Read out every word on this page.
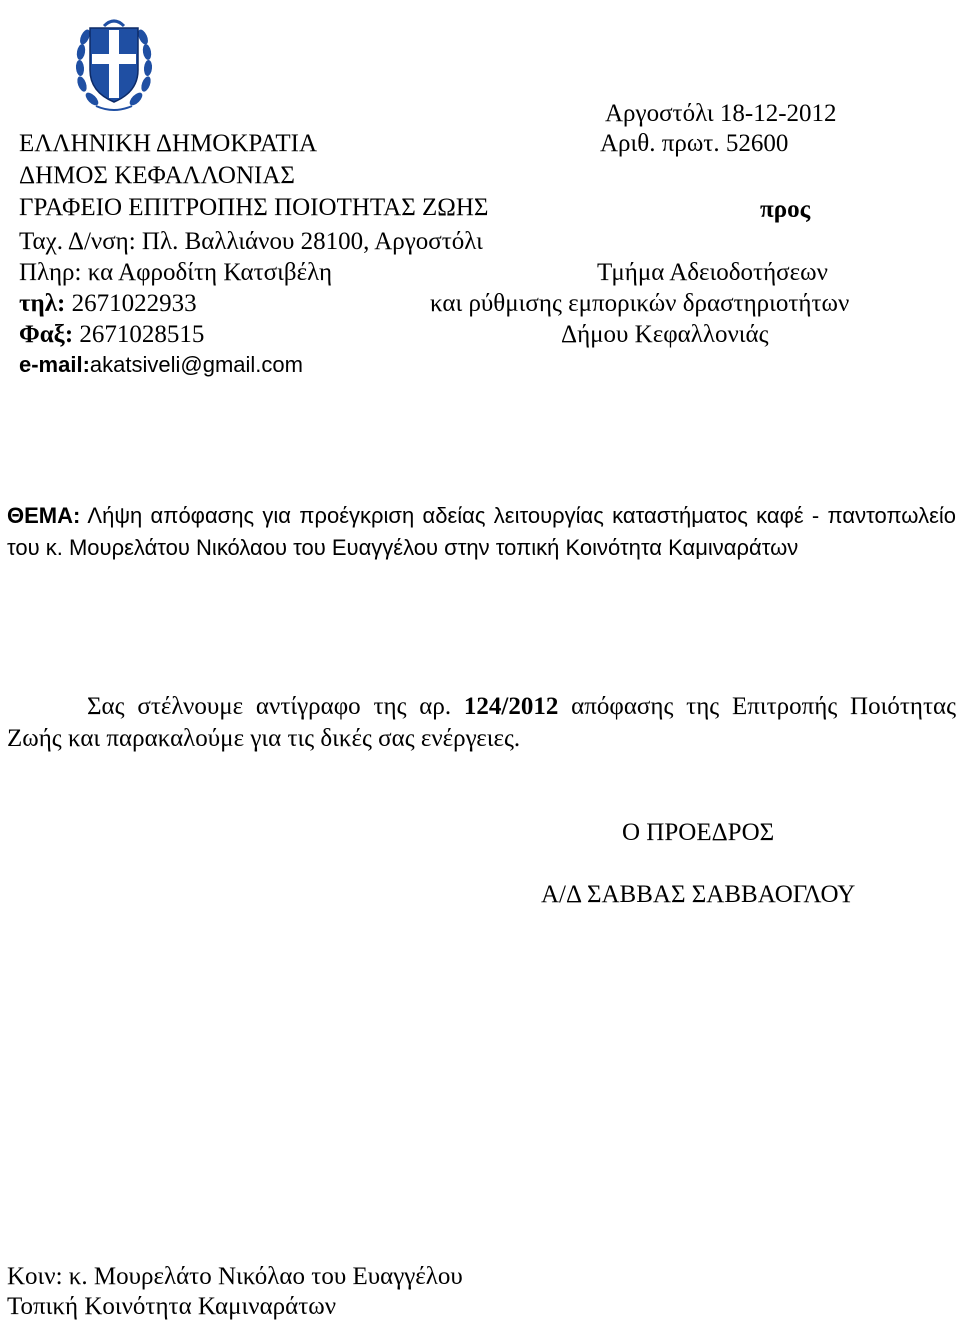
Αργοστόλι 18-12-2012
Αριθ. πρωτ. 52600
ΕΛΛΗΝΙΚΗ ΔΗΜΟΚΡΑΤΙΑ
ΔΗΜΟΣ ΚΕΦΑΛΛΟΝΙΑΣ
ΓΡΑΦΕΙΟ ΕΠΙΤΡΟΠΗΣ ΠΟΙΟΤΗΤΑΣ ΖΩΗΣ
Ταχ. Δ/νση: Πλ. Βαλλιάνου 28100, Αργοστόλι
Πληρ: κα Αφροδίτη Κατσιβέλη
τηλ: 2671022933
Φαξ: 2671028515
e-mail:akatsiveli@gmail.com
προς
Τμήμα Αδειοδοτήσεων
και ρύθμισης εμπορικών δραστηριοτήτων
Δήμου Κεφαλλονιάς
ΘΕΜΑ: Λήψη απόφασης για προέγκριση αδείας λειτουργίας καταστήματος καφέ - παντοπωλείο του κ. Μουρελάτου Νικόλαου του Ευαγγέλου στην τοπική Κοινότητα Καμιναράτων
Σας στέλνουμε αντίγραφο της αρ. 124/2012 απόφασης της Επιτροπής Ποιότητας Ζωής και παρακαλούμε για τις δικές σας ενέργειες.
Ο ΠΡΟΕΔΡΟΣ
Α/Δ ΣΑΒΒΑΣ ΣΑΒΒΑΟΓΛΟΥ
Κοιν: κ. Μουρελάτο Νικόλαο του Ευαγγέλου
Τοπική Κοινότητα Καμιναράτων
